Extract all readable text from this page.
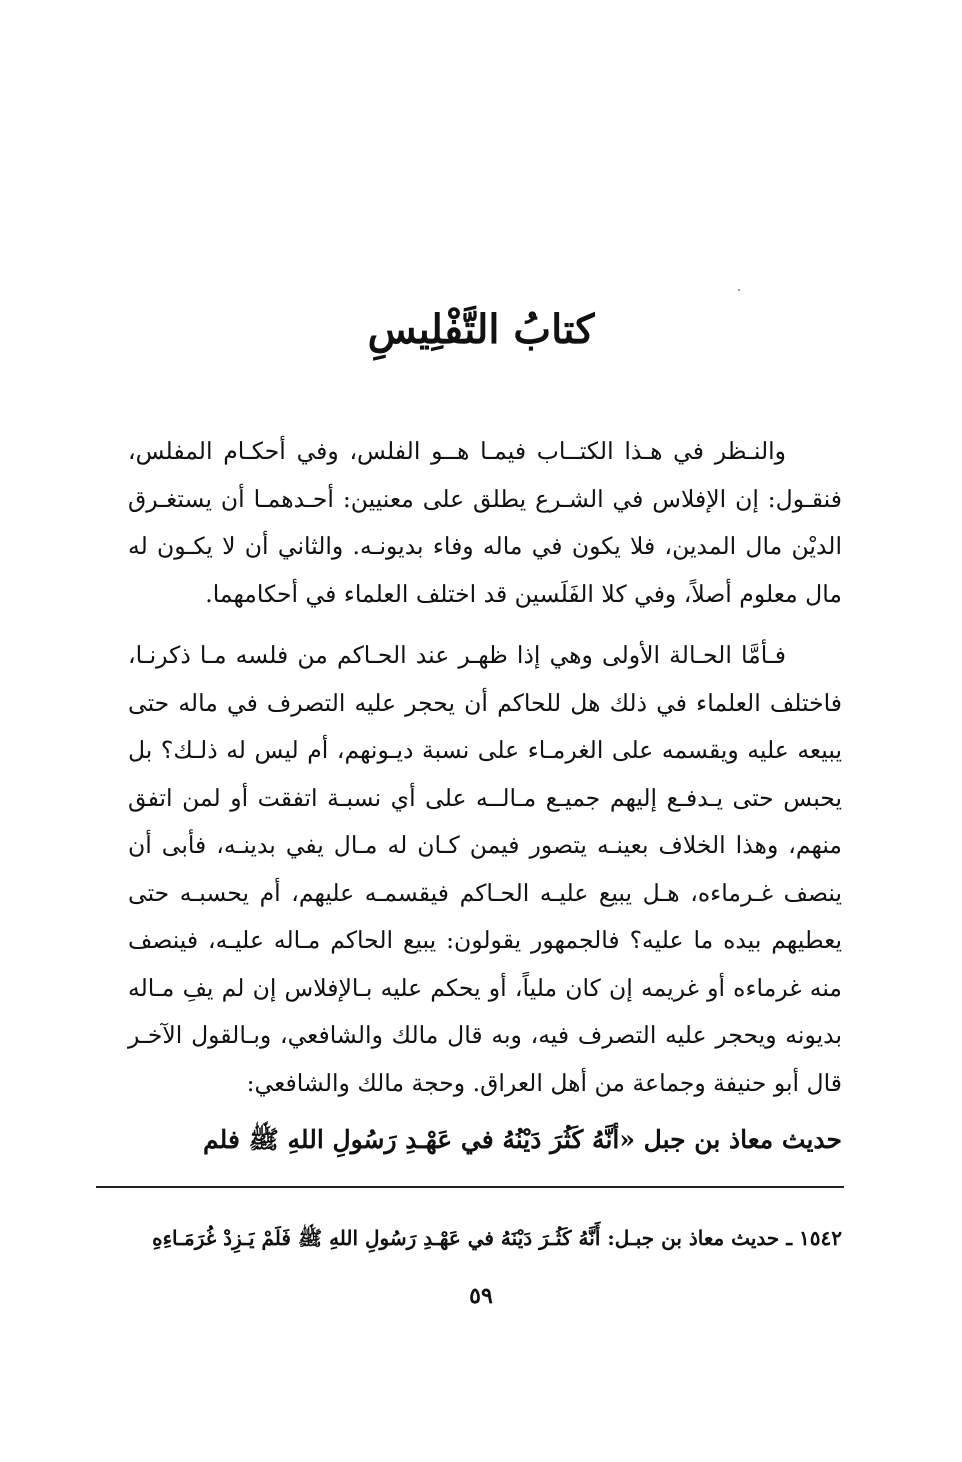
كتابُ التَّفْلِيسِ

والنـظر في هـذا الكتــاب فيمـا هــو الفلس، وفي أحكـام المفلس، فنقـول: إن الإفلاس في الشـرع يطلق على معنيين: أحـدهمـا أن يستغـرق الديْن مال المدين، فلا يكون في ماله وفاء بديونـه. والثاني أن لا يكـون له مال معلوم أصلاً، وفي كلا الفَلَسين قد اختلف العلماء في أحكامهما.

فـأمَّا الحـالة الأولى وهي إذا ظهـر عند الحـاكم من فلسه مـا ذكرنـا، فاختلف العلماء في ذلك هل للحاكم أن يحجر عليه التصرف في ماله حتى يبيعه عليه ويقسمه على الغرمـاء على نسبة ديـونهم، أم ليس له ذلـك؟ بل يحبس حتى يـدفـع إليهم جميـع مـالــه على أي نسبـة اتفقت أو لمن اتفق منهم، وهذا الخلاف بعينـه يتصور فيمن كـان له مـال يفي بدينـه، فأبى أن ينصف غـرماءه، هـل يبيع عليـه الحـاكم فيقسمـه عليهم، أم يحسبـه حتى يعطيهم بيده ما عليه؟ فالجمهور يقولون: يبيع الحاكم مـاله عليـه، فينصف منه غرماءه أو غريمه إن كان ملياً، أو يحكم عليه بـالإفلاس إن لم يفِ مـاله بديونه ويحجر عليه التصرف فيه، وبه قال مالك والشافعي، وبـالقول الآخـر قال أبو حنيفة وجماعة من أهل العراق. وحجة مالك والشافعي:

حديث معاذ بن جبل «أنَّهُ كَثُرَ دَيْنُهُ في عَهْـدِ رَسُولِ اللهِ ﷺ فلم
١٥٤٢ ـ حديث معاذ بن جبـل: أَنَّهُ كَثُـرَ دَيْنَهُ في عَهْـدِ رَسُولِ اللهِ ﷺ فَلَمْ يَـزِدْ غُرَمَـاءِهِ
٥٩
